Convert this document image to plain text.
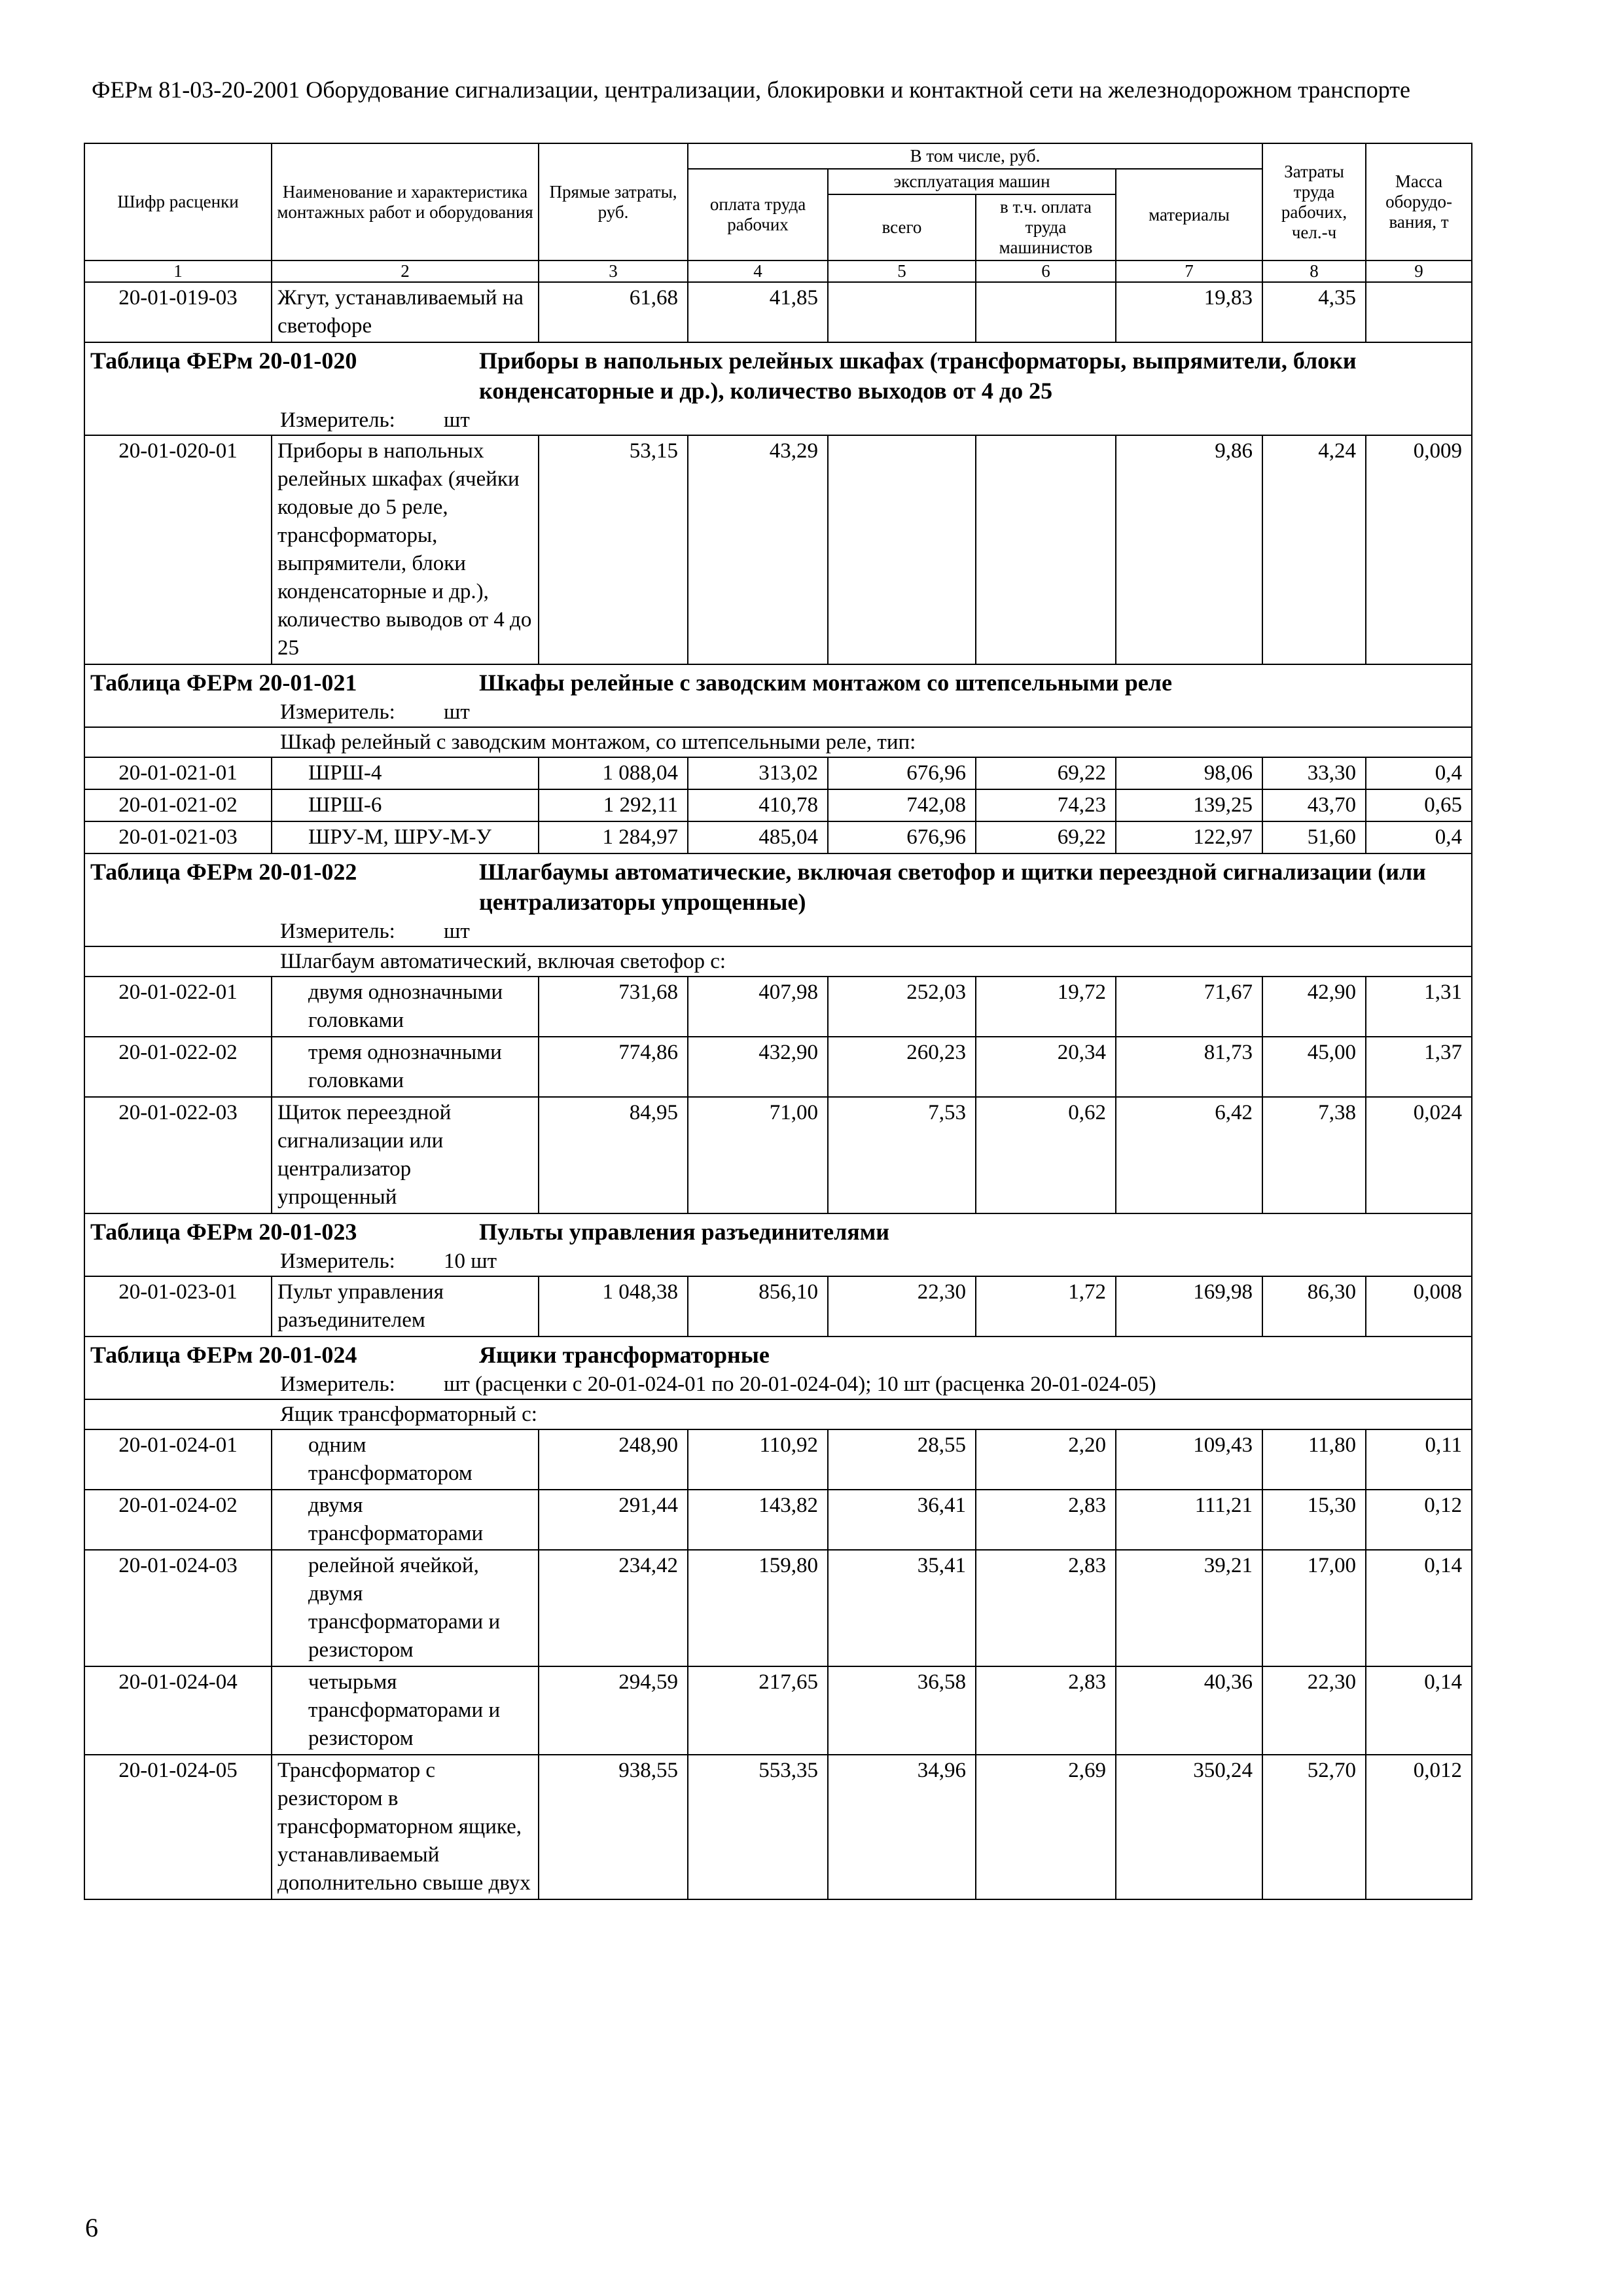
ФЕРм 81-03-20-2001 Оборудование сигнализации, централизации, блокировки и контактной сети на железнодорожном транспорте
Шифр расценки	Наименование и характеристика монтажных работ и оборудования	Прямые затраты, руб.	В том числе, руб.				Затраты труда рабочих, чел.-ч	Масса оборудо-вания, т
			оплата труда рабочих	эксплуатация машин		материалы		
				всего	в т.ч. оплата труда машинистов			
1	2	3	4	5	6	7	8	9
20-01-019-03	Жгут, устанавливаемый на светофоре	61,68	41,85			19,83	4,35	

Таблица ФЕРм 20-01-020 Приборы в напольных релейных шкафах (трансформаторы, выпрямители, блоки конденсаторные и др.), количество выходов от 4 до 25								

Измеритель: шт								
20-01-020-01	Приборы в напольных релейных шкафах (ячейки кодовые до 5 реле, трансформаторы, выпрямители, блоки конденсаторные и др.), количество выводов от 4 до 25	53,15	43,29			9,86	4,24	0,009

Таблица ФЕРм 20-01-021 Шкафы релейные с заводским монтажом со штепсельными реле								

Измеритель: шт								
Шкаф релейный с заводским монтажом, со штепсельными реле, тип:								
20-01-021-01	ШРШ-4	1 088,04	313,02	676,96	69,22	98,06	33,30	0,4
20-01-021-02	ШРШ-6	1 292,11	410,78	742,08	74,23	139,25	43,70	0,65
20-01-021-03	ШРУ-М, ШРУ-М-У	1 284,97	485,04	676,96	69,22	122,97	51,60	0,4

Таблица ФЕРм 20-01-022 Шлагбаумы автоматические, включая светофор и щитки переездной сигнализации (или централизаторы упрощенные)								

Измеритель: шт								
Шлагбаум автоматический, включая светофор с:								
20-01-022-01	двумя однозначными головками	731,68	407,98	252,03	19,72	71,67	42,90	1,31
20-01-022-02	тремя однозначными головками	774,86	432,90	260,23	20,34	81,73	45,00	1,37
20-01-022-03	Щиток переездной сигнализации или централизатор упрощенный	84,95	71,00	7,53	0,62	6,42	7,38	0,024

Таблица ФЕРм 20-01-023 Пульты управления разъединителями								

Измеритель: 10 шт								
20-01-023-01	Пульт управления разъединителем	1 048,38	856,10	22,30	1,72	169,98	86,30	0,008

Таблица ФЕРм 20-01-024 Ящики трансформаторные								

Измеритель: шт (расценки с 20-01-024-01 по 20-01-024-04); 10 шт (расценка 20-01-024-05)								
Ящик трансформаторный с:								
20-01-024-01	одним трансформатором	248,90	110,92	28,55	2,20	109,43	11,80	0,11
20-01-024-02	двумя трансформаторами	291,44	143,82	36,41	2,83	111,21	15,30	0,12
20-01-024-03	релейной ячейкой, двумя трансформаторами и резистором	234,42	159,80	35,41	2,83	39,21	17,00	0,14
20-01-024-04	четырьмя трансформаторами и резистором	294,59	217,65	36,58	2,83	40,36	22,30	0,14
20-01-024-05	Трансформатор с резистором в трансформаторном ящике, устанавливаемый дополнительно свыше двух	938,55	553,35	34,96	2,69	350,24	52,70	0,012
6
